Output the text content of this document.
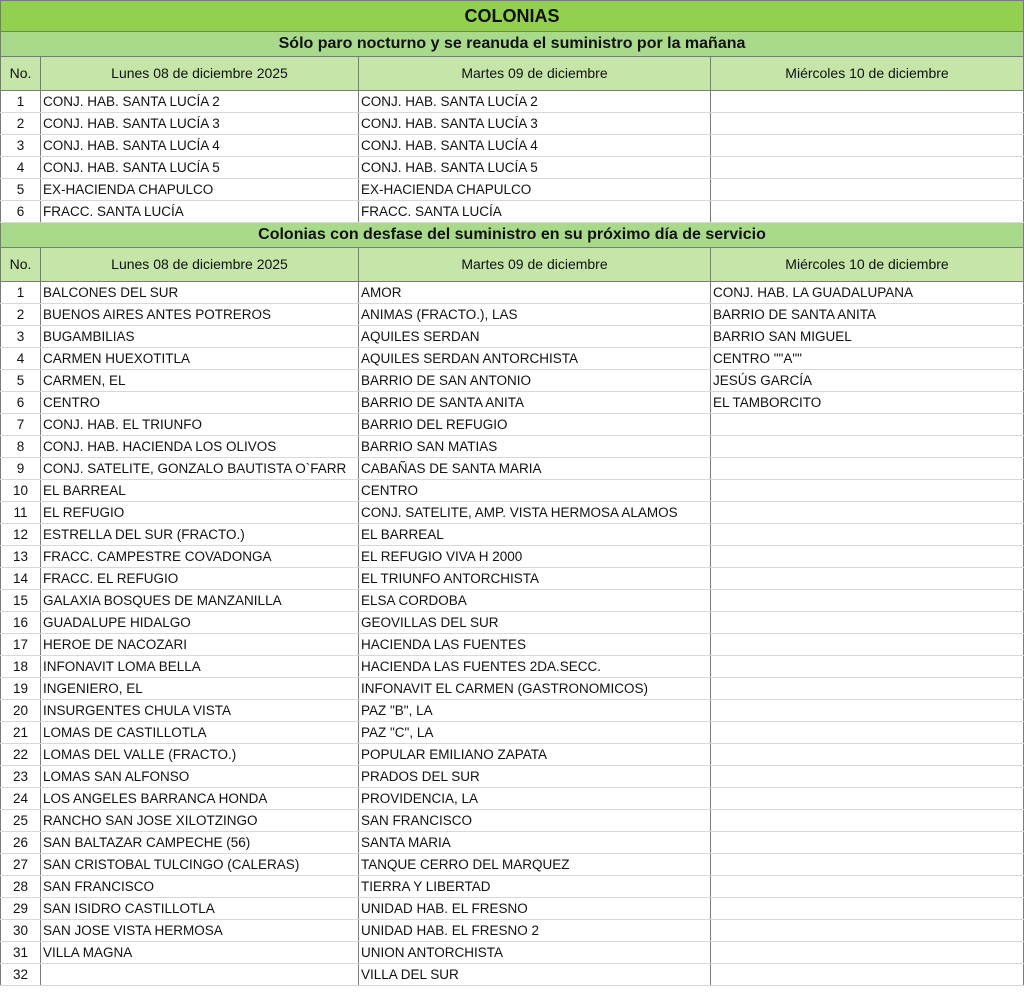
COLONIAS			
Sólo paro nocturno y se reanuda el suministro por la mañana			
No.	Lunes 08 de diciembre 2025	Martes 09 de diciembre	Miércoles 10 de diciembre
1	CONJ. HAB. SANTA LUCÍA 2	CONJ. HAB. SANTA LUCÍA 2	
2	CONJ. HAB. SANTA LUCÍA 3	CONJ. HAB. SANTA LUCÍA 3	
3	CONJ. HAB. SANTA LUCÍA 4	CONJ. HAB. SANTA LUCÍA 4	
4	CONJ. HAB. SANTA LUCÍA 5	CONJ. HAB. SANTA LUCÍA 5	
5	EX-HACIENDA CHAPULCO	EX-HACIENDA CHAPULCO	
6	FRACC. SANTA LUCÍA	FRACC. SANTA LUCÍA	
Colonias con desfase del suministro en su próximo día de servicio			
No.	Lunes 08 de diciembre 2025	Martes 09 de diciembre	Miércoles 10 de diciembre
1	BALCONES DEL SUR	AMOR	CONJ. HAB. LA GUADALUPANA
2	BUENOS AIRES ANTES POTREROS	ANIMAS (FRACTO.), LAS	BARRIO DE SANTA ANITA
3	BUGAMBILIAS	AQUILES SERDAN	BARRIO SAN MIGUEL
4	CARMEN HUEXOTITLA	AQUILES SERDAN ANTORCHISTA	CENTRO ""A""
5	CARMEN, EL	BARRIO DE SAN ANTONIO	JESÚS GARCÍA
6	CENTRO	BARRIO DE SANTA ANITA	EL TAMBORCITO
7	CONJ. HAB. EL TRIUNFO	BARRIO DEL REFUGIO	
8	CONJ. HAB. HACIENDA LOS OLIVOS	BARRIO SAN MATIAS	
9	CONJ. SATELITE, GONZALO BAUTISTA O`FARR	CABAÑAS DE SANTA MARIA	
10	EL BARREAL	CENTRO	
11	EL REFUGIO	CONJ. SATELITE, AMP. VISTA HERMOSA ALAMOS	
12	ESTRELLA DEL SUR (FRACTO.)	EL BARREAL	
13	FRACC. CAMPESTRE COVADONGA	EL REFUGIO VIVA H 2000	
14	FRACC. EL REFUGIO	EL TRIUNFO ANTORCHISTA	
15	GALAXIA BOSQUES DE MANZANILLA	ELSA CORDOBA	
16	GUADALUPE HIDALGO	GEOVILLAS DEL SUR	
17	HEROE DE NACOZARI	HACIENDA LAS FUENTES	
18	INFONAVIT LOMA BELLA	HACIENDA LAS FUENTES 2DA.SECC.	
19	INGENIERO, EL	INFONAVIT EL CARMEN (GASTRONOMICOS)	
20	INSURGENTES CHULA VISTA	PAZ "B", LA	
21	LOMAS DE CASTILLOTLA	PAZ "C", LA	
22	LOMAS DEL VALLE (FRACTO.)	POPULAR EMILIANO ZAPATA	
23	LOMAS SAN ALFONSO	PRADOS DEL SUR	
24	LOS ANGELES BARRANCA HONDA	PROVIDENCIA, LA	
25	RANCHO SAN JOSE XILOTZINGO	SAN FRANCISCO	
26	SAN BALTAZAR CAMPECHE (56)	SANTA MARIA	
27	SAN CRISTOBAL TULCINGO (CALERAS)	TANQUE CERRO DEL MARQUEZ	
28	SAN FRANCISCO	TIERRA Y LIBERTAD	
29	SAN ISIDRO CASTILLOTLA	UNIDAD HAB. EL FRESNO	
30	SAN JOSE VISTA HERMOSA	UNIDAD HAB. EL FRESNO 2	
31	VILLA MAGNA	UNION ANTORCHISTA	
32		VILLA DEL SUR	
